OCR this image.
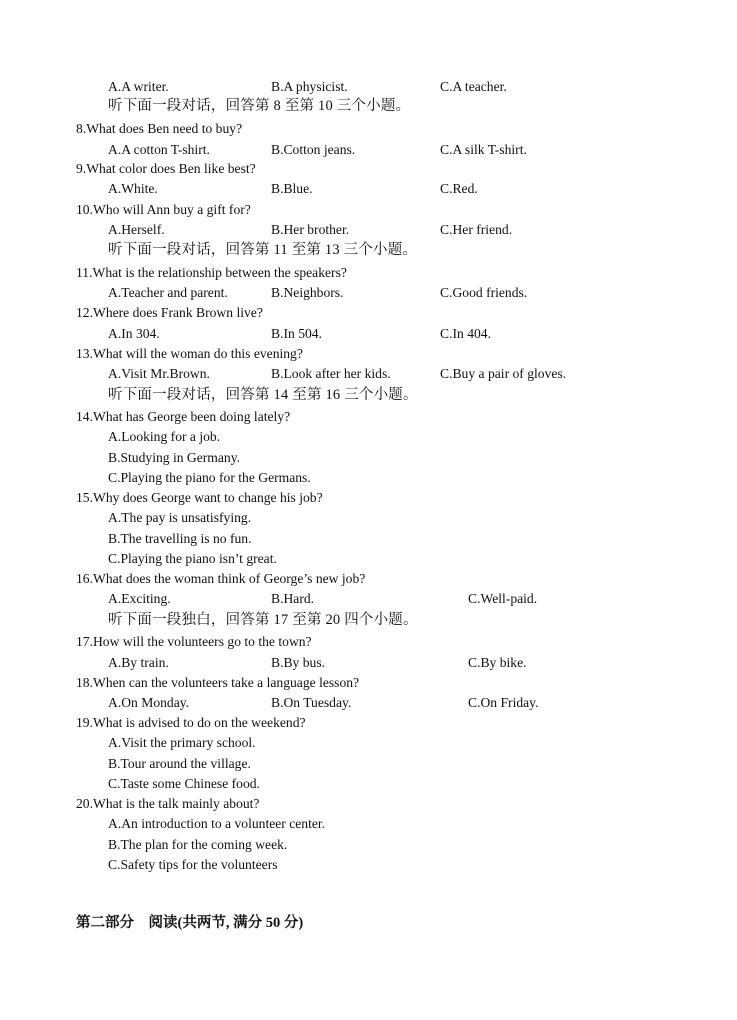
A.A writer.	B.A physicist.	C.A teacher.
听下面一段对话，回答第 8 至第 10 三个小题。
8.What does Ben need to buy?
A.A cotton T-shirt.	B.Cotton jeans.	C.A silk T-shirt.
9.What color does Ben like best?
A.White.	B.Blue.	C.Red.
10.Who will Ann buy a gift for?
A.Herself.	B.Her brother.	C.Her friend.
听下面一段对话，回答第 11 至第 13 三个小题。
11.What is the relationship between the speakers?
A.Teacher and parent.	B.Neighbors.	C.Good friends.
12.Where does Frank Brown live?
A.In 304.	B.In 504.	C.In 404.
13.What will the woman do this evening?
A.Visit Mr.Brown.	B.Look after her kids.	C.Buy a pair of gloves.
听下面一段对话，回答第 14 至第 16 三个小题。
14.What has George been doing lately?
A.Looking for a job.
B.Studying in Germany.
C.Playing the piano for the Germans.
15.Why does George want to change his job?
A.The pay is unsatisfying.
B.The travelling is no fun.
C.Playing the piano isn’t great.
16.What does the woman think of George’s new job?
A.Exciting.	B.Hard.	C.Well-paid.
听下面一段独白，回答第 17 至第 20 四个小题。
17.How will the volunteers go to the town?
A.By train.	B.By bus.	C.By bike.
18.When can the volunteers take a language lesson?
A.On Monday.	B.On Tuesday.	C.On Friday.
19.What is advised to do on the weekend?
A.Visit the primary school.
B.Tour around the village.
C.Taste some Chinese food.
20.What is the talk mainly about?
A.An introduction to a volunteer center.
B.The plan for the coming week.
C.Safety tips for the volunteers
第二部分　阅读(共两节, 满分 50 分)
